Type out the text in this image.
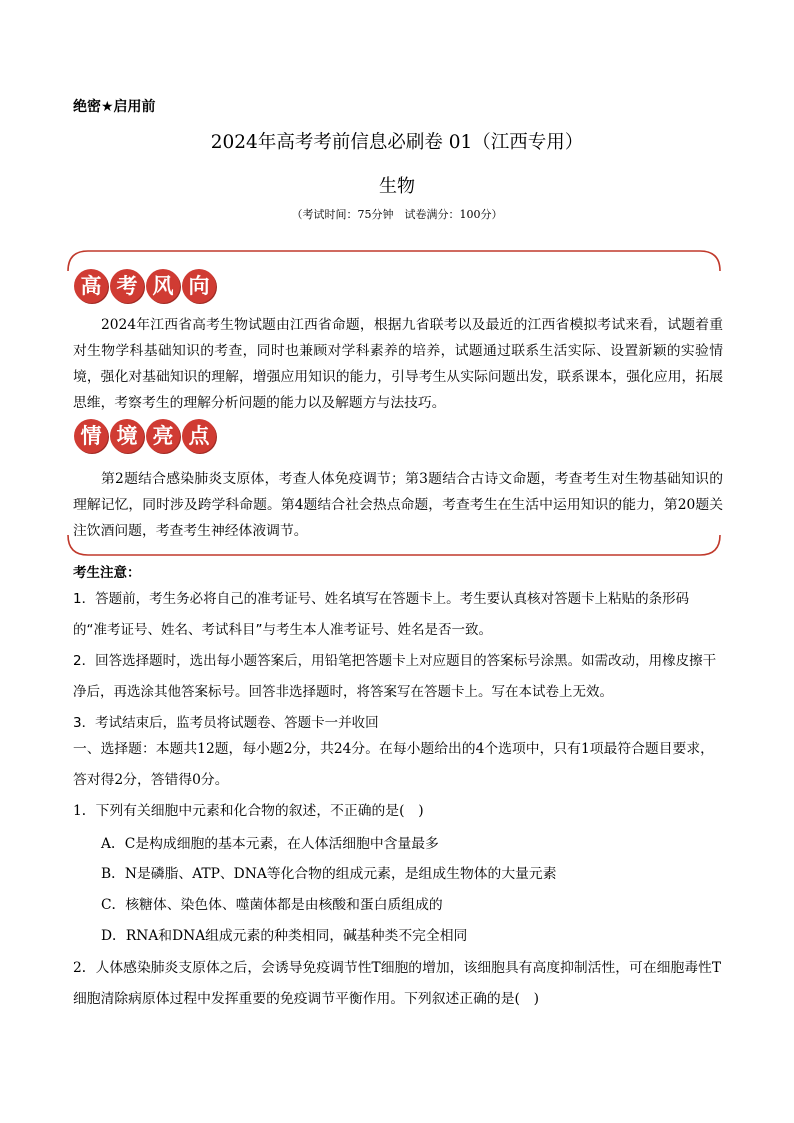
绝密★启用前
2024年高考考前信息必刷卷 01（江西专用）
生物
（考试时间：75分钟　试卷满分：100分）
高 考 风 向
情 境 亮 点
2024年江西省高考生物试题由江西省命题，根据九省联考以及最近的江西省模拟考试来看，试题着重对生物学科基础知识的考查，同时也兼顾对学科素养的培养，试题通过联系生活实际、设置新颖的实验情境，强化对基础知识的理解，增强应用知识的能力，引导考生从实际问题出发，联系课本，强化应用，拓展思维，考察考生的理解分析问题的能力以及解题方与法技巧。
第2题结合感染肺炎支原体，考查人体免疫调节；第3题结合古诗文命题，考查考生对生物基础知识的理解记忆，同时涉及跨学科命题。第4题结合社会热点命题，考查考生在生活中运用知识的能力，第20题关注饮酒问题，考查考生神经体液调节。
考生注意：
1．答题前，考生务必将自己的准考证号、姓名填写在答题卡上。考生要认真核对答题卡上粘贴的条形码的“准考证号、姓名、考试科目”与考生本人准考证号、姓名是否一致。
2．回答选择题时，选出每小题答案后，用铅笔把答题卡上对应题目的答案标号涂黑。如需改动，用橡皮擦干净后，再选涂其他答案标号。回答非选择题时，将答案写在答题卡上。写在本试卷上无效。
3．考试结束后，监考员将试题卷、答题卡一并收回
一、选择题：本题共12题，每小题2分，共24分。在每小题给出的4个选项中，只有1项最符合题目要求，答对得2分，答错得0分。
1．下列有关细胞中元素和化合物的叙述，不正确的是(　)
A．C是构成细胞的基本元素，在人体活细胞中含量最多
B．N是磷脂、ATP、DNA等化合物的组成元素，是组成生物体的大量元素
C．核糖体、染色体、噬菌体都是由核酸和蛋白质组成的
D．RNA和DNA组成元素的种类相同，碱基种类不完全相同
2．人体感染肺炎支原体之后，会诱导免疫调节性T细胞的增加，该细胞具有高度抑制活性，可在细胞毒性T细胞清除病原体过程中发挥重要的免疫调节平衡作用。下列叙述正确的是(　)
